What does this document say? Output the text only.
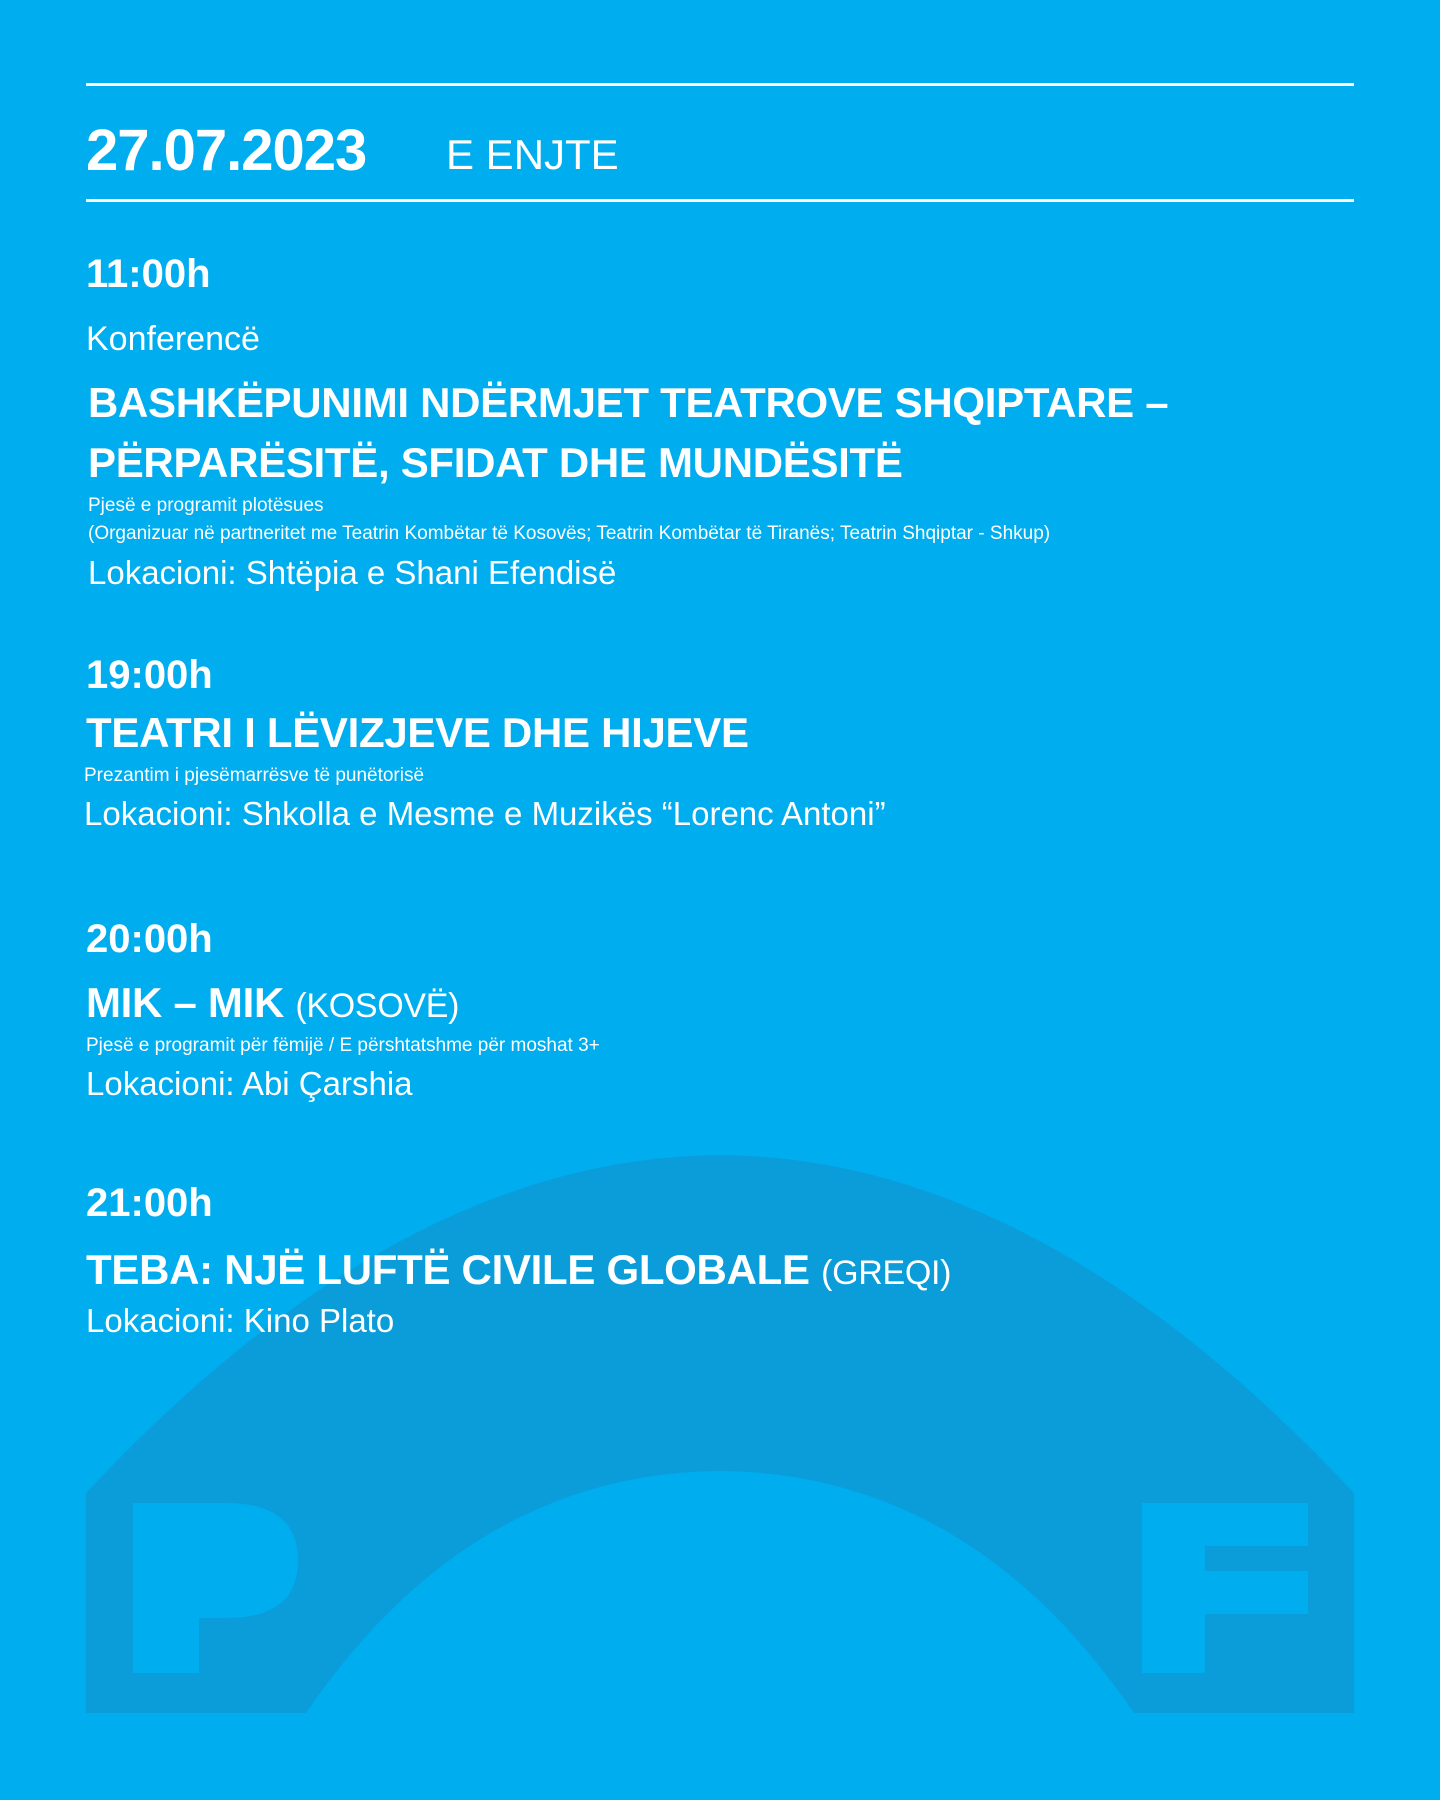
27.07.2023 E ENJTE
11:00h
Konferencë
BASHKËPUNIMI NDËRMJET TEATROVE SHQIPTARE –
PËRPARËSITË, SFIDAT DHE MUNDËSITË
Pjesë e programit plotësues
(Organizuar në partneritet me Teatrin Kombëtar të Kosovës; Teatrin Kombëtar të Tiranës; Teatrin Shqiptar - Shkup)
Lokacioni: Shtëpia e Shani Efendisë
19:00h
TEATRI I LËVIZJEVE DHE HIJEVE
Prezantim i pjesëmarrësve të punëtorisë
Lokacioni: Shkolla e Mesme e Muzikës “Lorenc Antoni”
20:00h
MIK – MIK (KOSOVË)
Pjesë e programit për fëmijë / E përshtatshme për moshat 3+
Lokacioni: Abi Çarshia
21:00h
TEBA: NJË LUFTË CIVILE GLOBALE (GREQI)
Lokacioni: Kino Plato
